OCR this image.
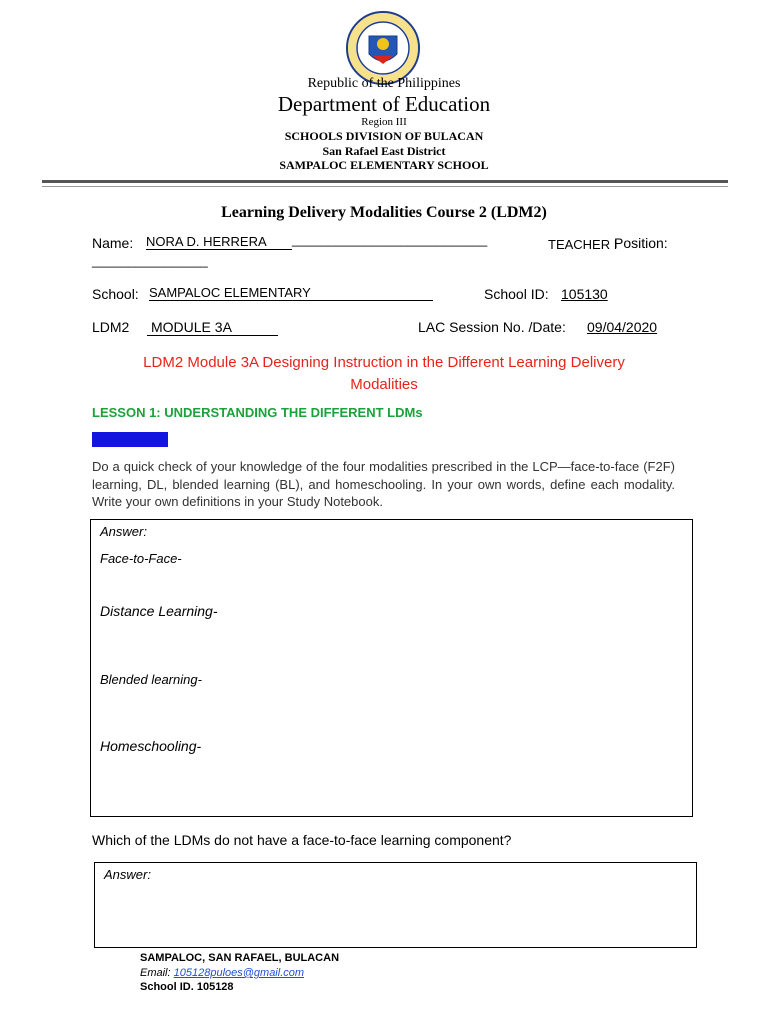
Republic of the Philippines
Department of Education
Region III
SCHOOLS DIVISION OF BULACAN
San Rafael East District
SAMPALOC ELEMENTARY SCHOOL
Learning Delivery Modalities Course 2 (LDM2)
Name: NORA D. HERRERA	___________________________	TEACHER I
Position:
________________
School: SAMPALOC ELEMENTARY	School ID: 105130
LDM2 MODULE 3A	LAC Session No. /Date: 09/04/2020
LDM2 Module 3A Designing Instruction in the Different Learning Delivery
Modalities
LESSON 1: UNDERSTANDING THE DIFFERENT LDMs
ACTIVITY 1
Do a quick check of your knowledge of the four modalities prescribed in the LCP—face-to-face (F2F) learning, DL, blended learning (BL), and homeschooling. In your own words, define each modality. Write your own definitions in your Study Notebook.
Answer:
Face-to-Face-
Distance Learning-
Blended learning-
Homeschooling-
Which of the LDMs do not have a face-to-face learning component?
Answer:
SAMPALOC, SAN RAFAEL, BULACAN
Email: 105128puloes@gmail.com
School ID. 105128
